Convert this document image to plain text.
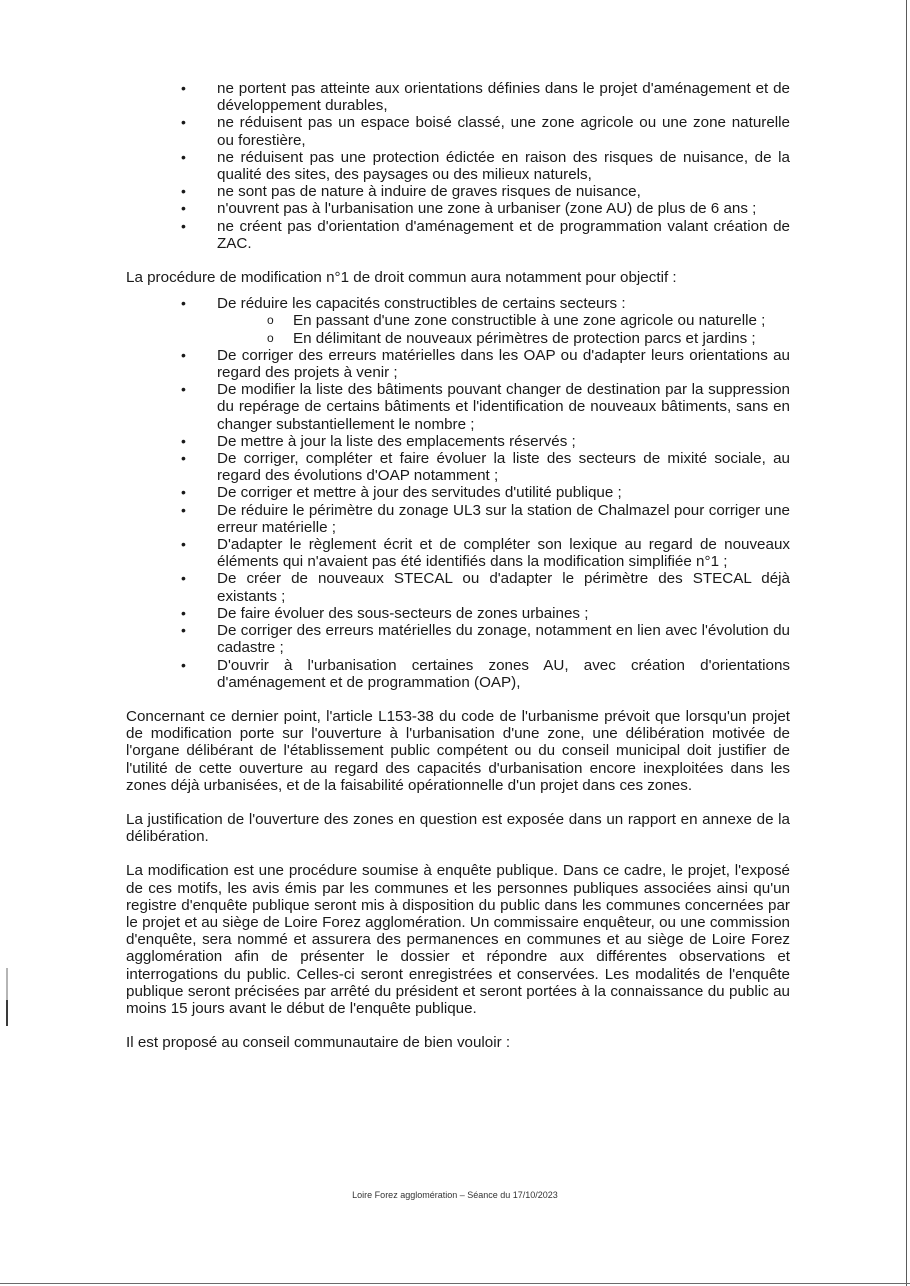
•	ne portent pas atteinte aux orientations définies dans le projet d'aménagement et de développement durables,
•	ne réduisent pas un espace boisé classé, une zone agricole ou une zone naturelle ou forestière,
•	ne réduisent pas une protection édictée en raison des risques de nuisance, de la qualité des sites, des paysages ou des milieux naturels,
•	ne sont pas de nature à induire de graves risques de nuisance,
•	n'ouvrent pas à l'urbanisation une zone à urbaniser (zone AU) de plus de 6 ans ;
•	ne créent pas d'orientation d'aménagement et de programmation valant création de ZAC.

La procédure de modification n°1 de droit commun aura notamment pour objectif :

•	De réduire les capacités constructibles de certains secteurs :
o En passant d'une zone constructible à une zone agricole ou naturelle ;
o En délimitant de nouveaux périmètres de protection parcs et jardins ;
•	De corriger des erreurs matérielles dans les OAP ou d'adapter leurs orientations au regard des projets à venir ;
•	De modifier la liste des bâtiments pouvant changer de destination par la suppression du repérage de certains bâtiments et l'identification de nouveaux bâtiments, sans en changer substantiellement le nombre ;
•	De mettre à jour la liste des emplacements réservés ;
•	De corriger, compléter et faire évoluer la liste des secteurs de mixité sociale, au regard des évolutions d'OAP notamment ;
•	De corriger et mettre à jour des servitudes d'utilité publique ;
•	De réduire le périmètre du zonage UL3 sur la station de Chalmazel pour corriger une erreur matérielle ;
•	D'adapter le règlement écrit et de compléter son lexique au regard de nouveaux éléments qui n'avaient pas été identifiés dans la modification simplifiée n°1 ;
•	De créer de nouveaux STECAL ou d'adapter le périmètre des STECAL déjà existants ;
•	De faire évoluer des sous-secteurs de zones urbaines ;
•	De corriger des erreurs matérielles du zonage, notamment en lien avec l'évolution du cadastre ;
•	D'ouvrir à l'urbanisation certaines zones AU, avec création d'orientations d'aménagement et de programmation (OAP),

Concernant ce dernier point, l'article L153-38 du code de l'urbanisme prévoit que lorsqu'un projet de modification porte sur l'ouverture à l'urbanisation d'une zone, une délibération motivée de l'organe délibérant de l'établissement public compétent ou du conseil municipal doit justifier de l'utilité de cette ouverture au regard des capacités d'urbanisation encore inexploitées dans les zones déjà urbanisées, et de la faisabilité opérationnelle d'un projet dans ces zones.

La justification de l'ouverture des zones en question est exposée dans un rapport en annexe de la délibération.

La modification est une procédure soumise à enquête publique. Dans ce cadre, le projet, l'exposé de ces motifs, les avis émis par les communes et les personnes publiques associées ainsi qu'un registre d'enquête publique seront mis à disposition du public dans les communes concernées par le projet et au siège de Loire Forez agglomération. Un commissaire enquêteur, ou une commission d'enquête, sera nommé et assurera des permanences en communes et au siège de Loire Forez agglomération afin de présenter le dossier et répondre aux différentes observations et interrogations du public. Celles-ci seront enregistrées et conservées. Les modalités de l'enquête publique seront précisées par arrêté du président et seront portées à la connaissance du public au moins 15 jours avant le début de l'enquête publique.

Il est proposé au conseil communautaire de bien vouloir :

Loire Forez agglomération – Séance du 17/10/2023
